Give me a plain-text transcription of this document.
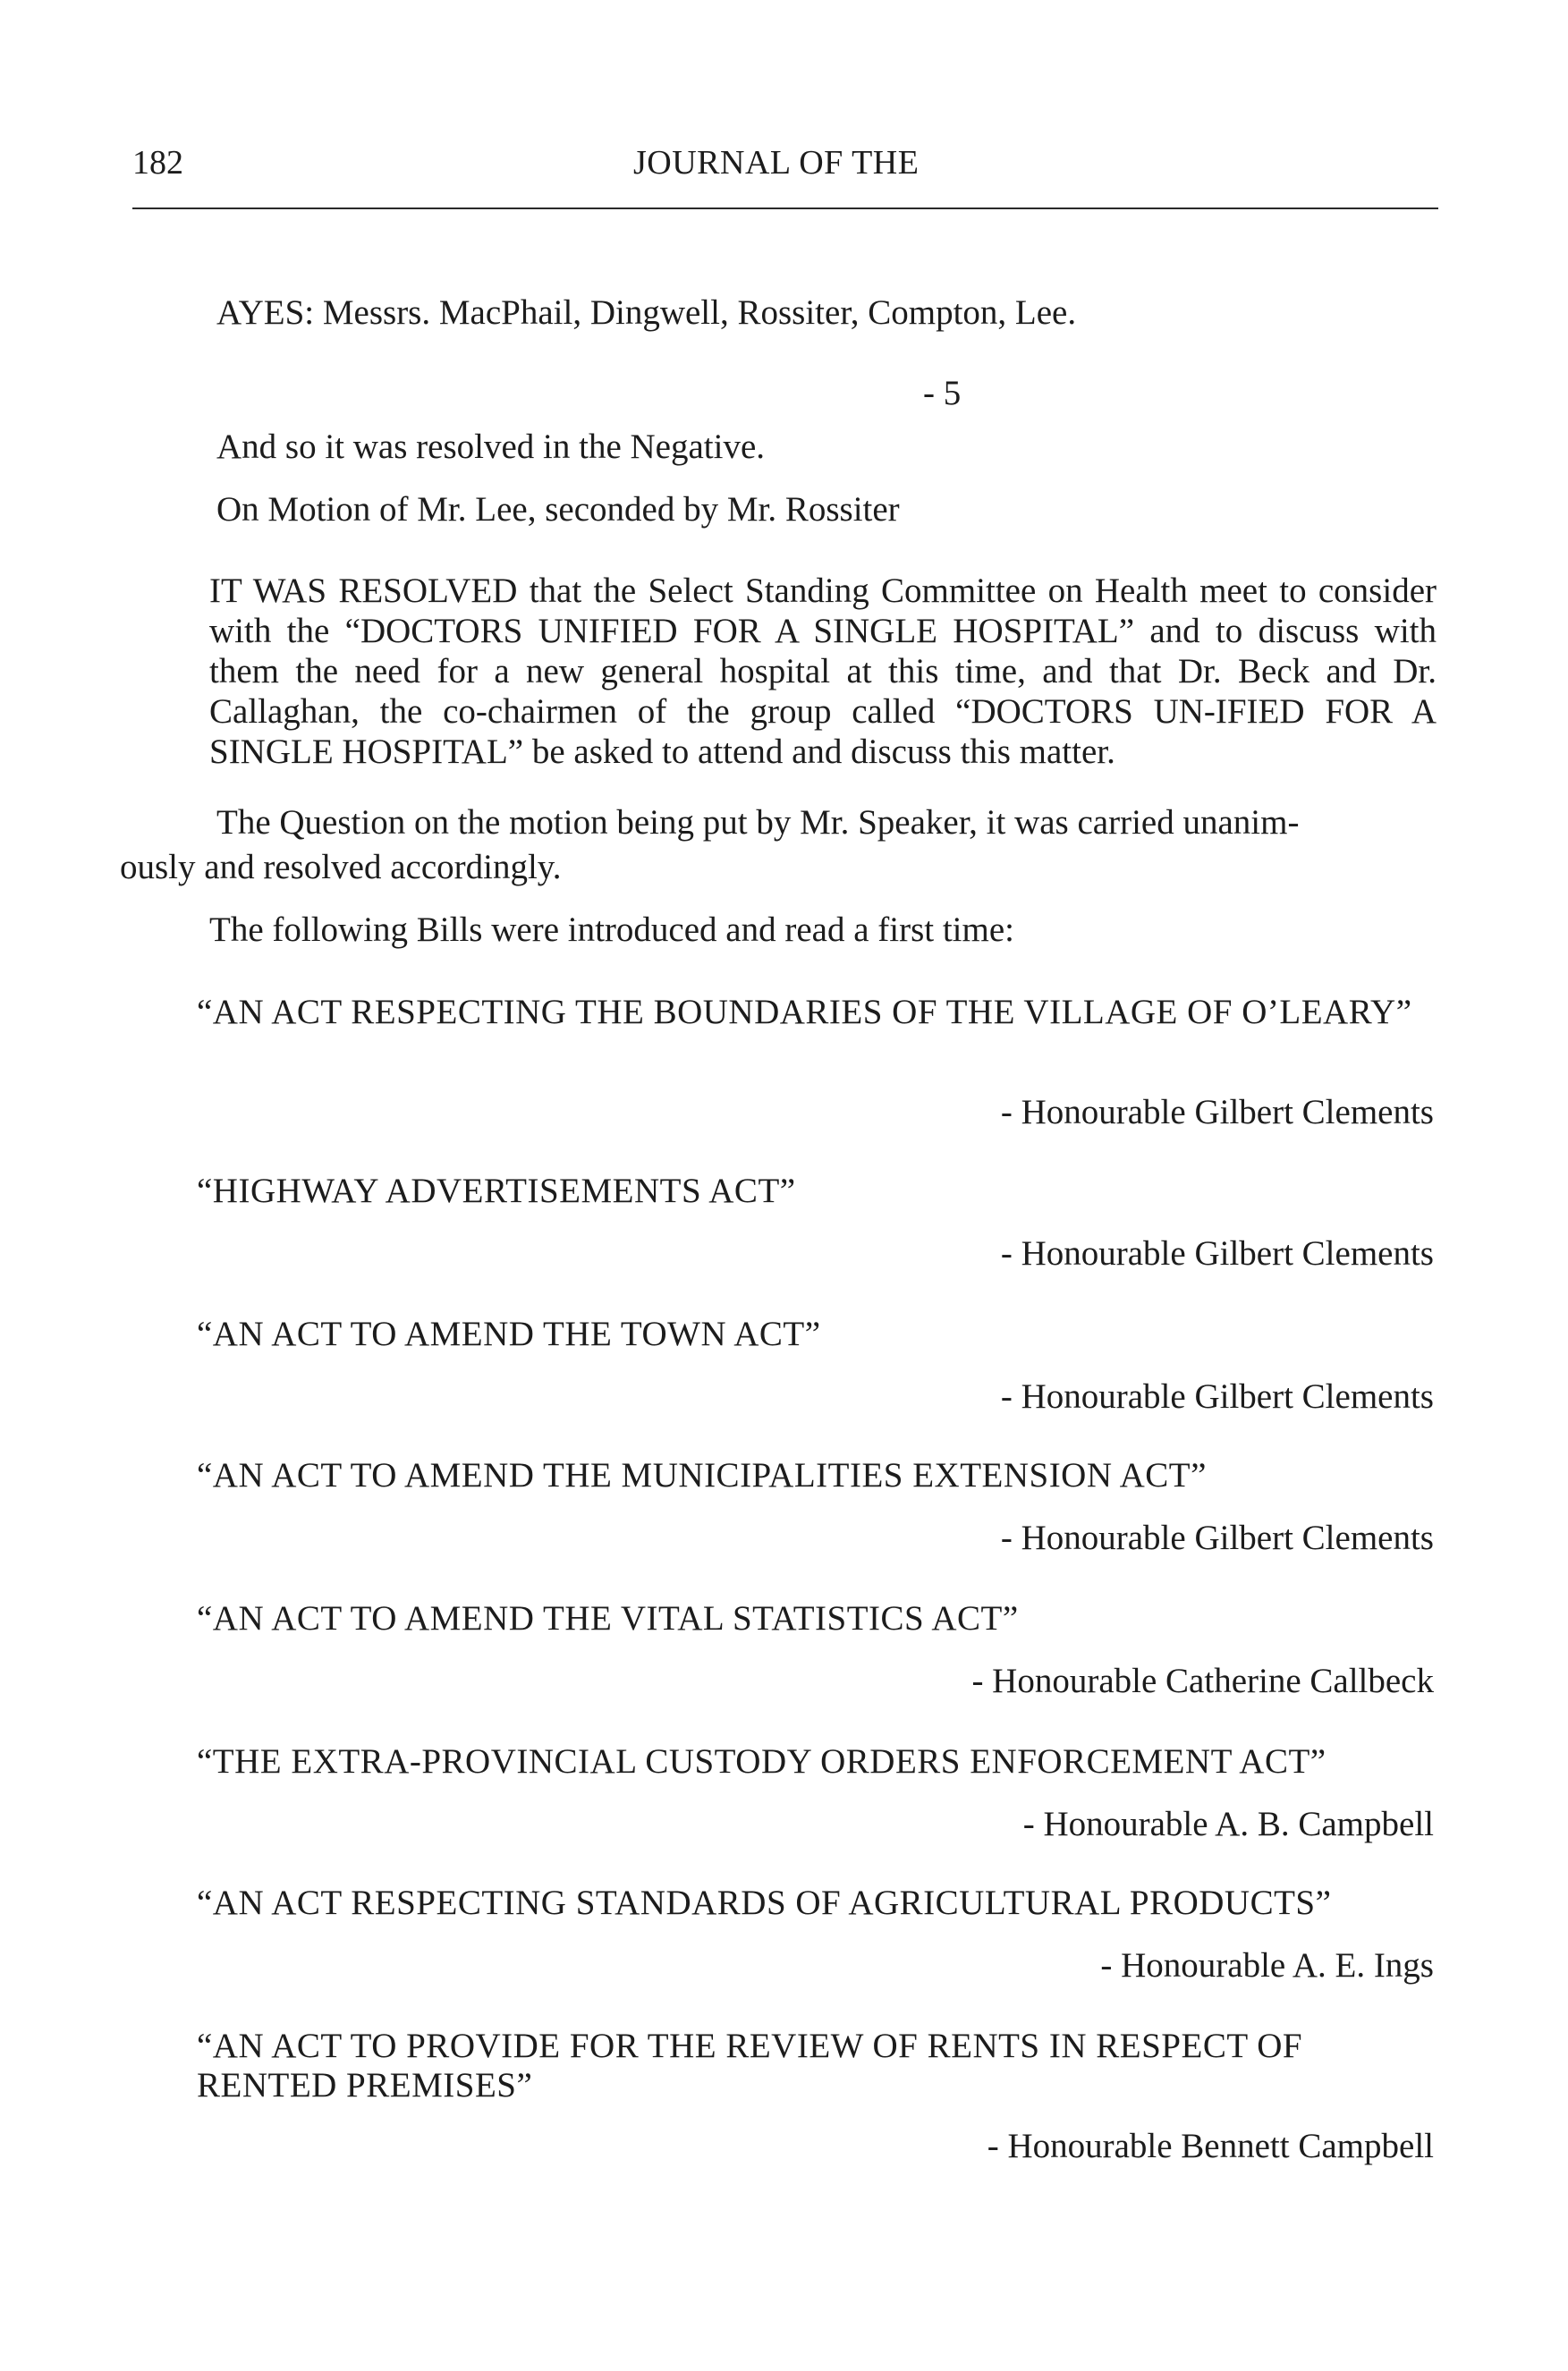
182	JOURNAL OF THE
AYES: Messrs. MacPhail, Dingwell, Rossiter, Compton, Lee.
- 5
And so it was resolved in the Negative.
On Motion of Mr. Lee, seconded by Mr. Rossiter
IT WAS RESOLVED that the Select Standing Committee on Health meet to consider with the “DOCTORS UNIFIED FOR A SINGLE HOSPITAL” and to discuss with them the need for a new general hospital at this time, and that Dr. Beck and Dr. Callaghan, the co-chairmen of the group called “DOCTORS UN-IFIED FOR A SINGLE HOSPITAL” be asked to attend and discuss this matter.
The Question on the motion being put by Mr. Speaker, it was carried unanim-
ously and resolved accordingly.
The following Bills were introduced and read a first time:
“AN ACT RESPECTING THE BOUNDARIES OF THE VILLAGE OF O’LEARY”
- Honourable Gilbert Clements
“HIGHWAY ADVERTISEMENTS ACT”
- Honourable Gilbert Clements
“AN ACT TO AMEND THE TOWN ACT”
- Honourable Gilbert Clements
“AN ACT TO AMEND THE MUNICIPALITIES EXTENSION ACT”
- Honourable Gilbert Clements
“AN ACT TO AMEND THE VITAL STATISTICS ACT”
- Honourable Catherine Callbeck
“THE EXTRA-PROVINCIAL CUSTODY ORDERS ENFORCEMENT ACT”
- Honourable A. B. Campbell
“AN ACT RESPECTING STANDARDS OF AGRICULTURAL PRODUCTS”
- Honourable A. E. Ings
“AN ACT TO PROVIDE FOR THE REVIEW OF RENTS IN RESPECT OF RENTED PREMISES”
- Honourable Bennett Campbell
